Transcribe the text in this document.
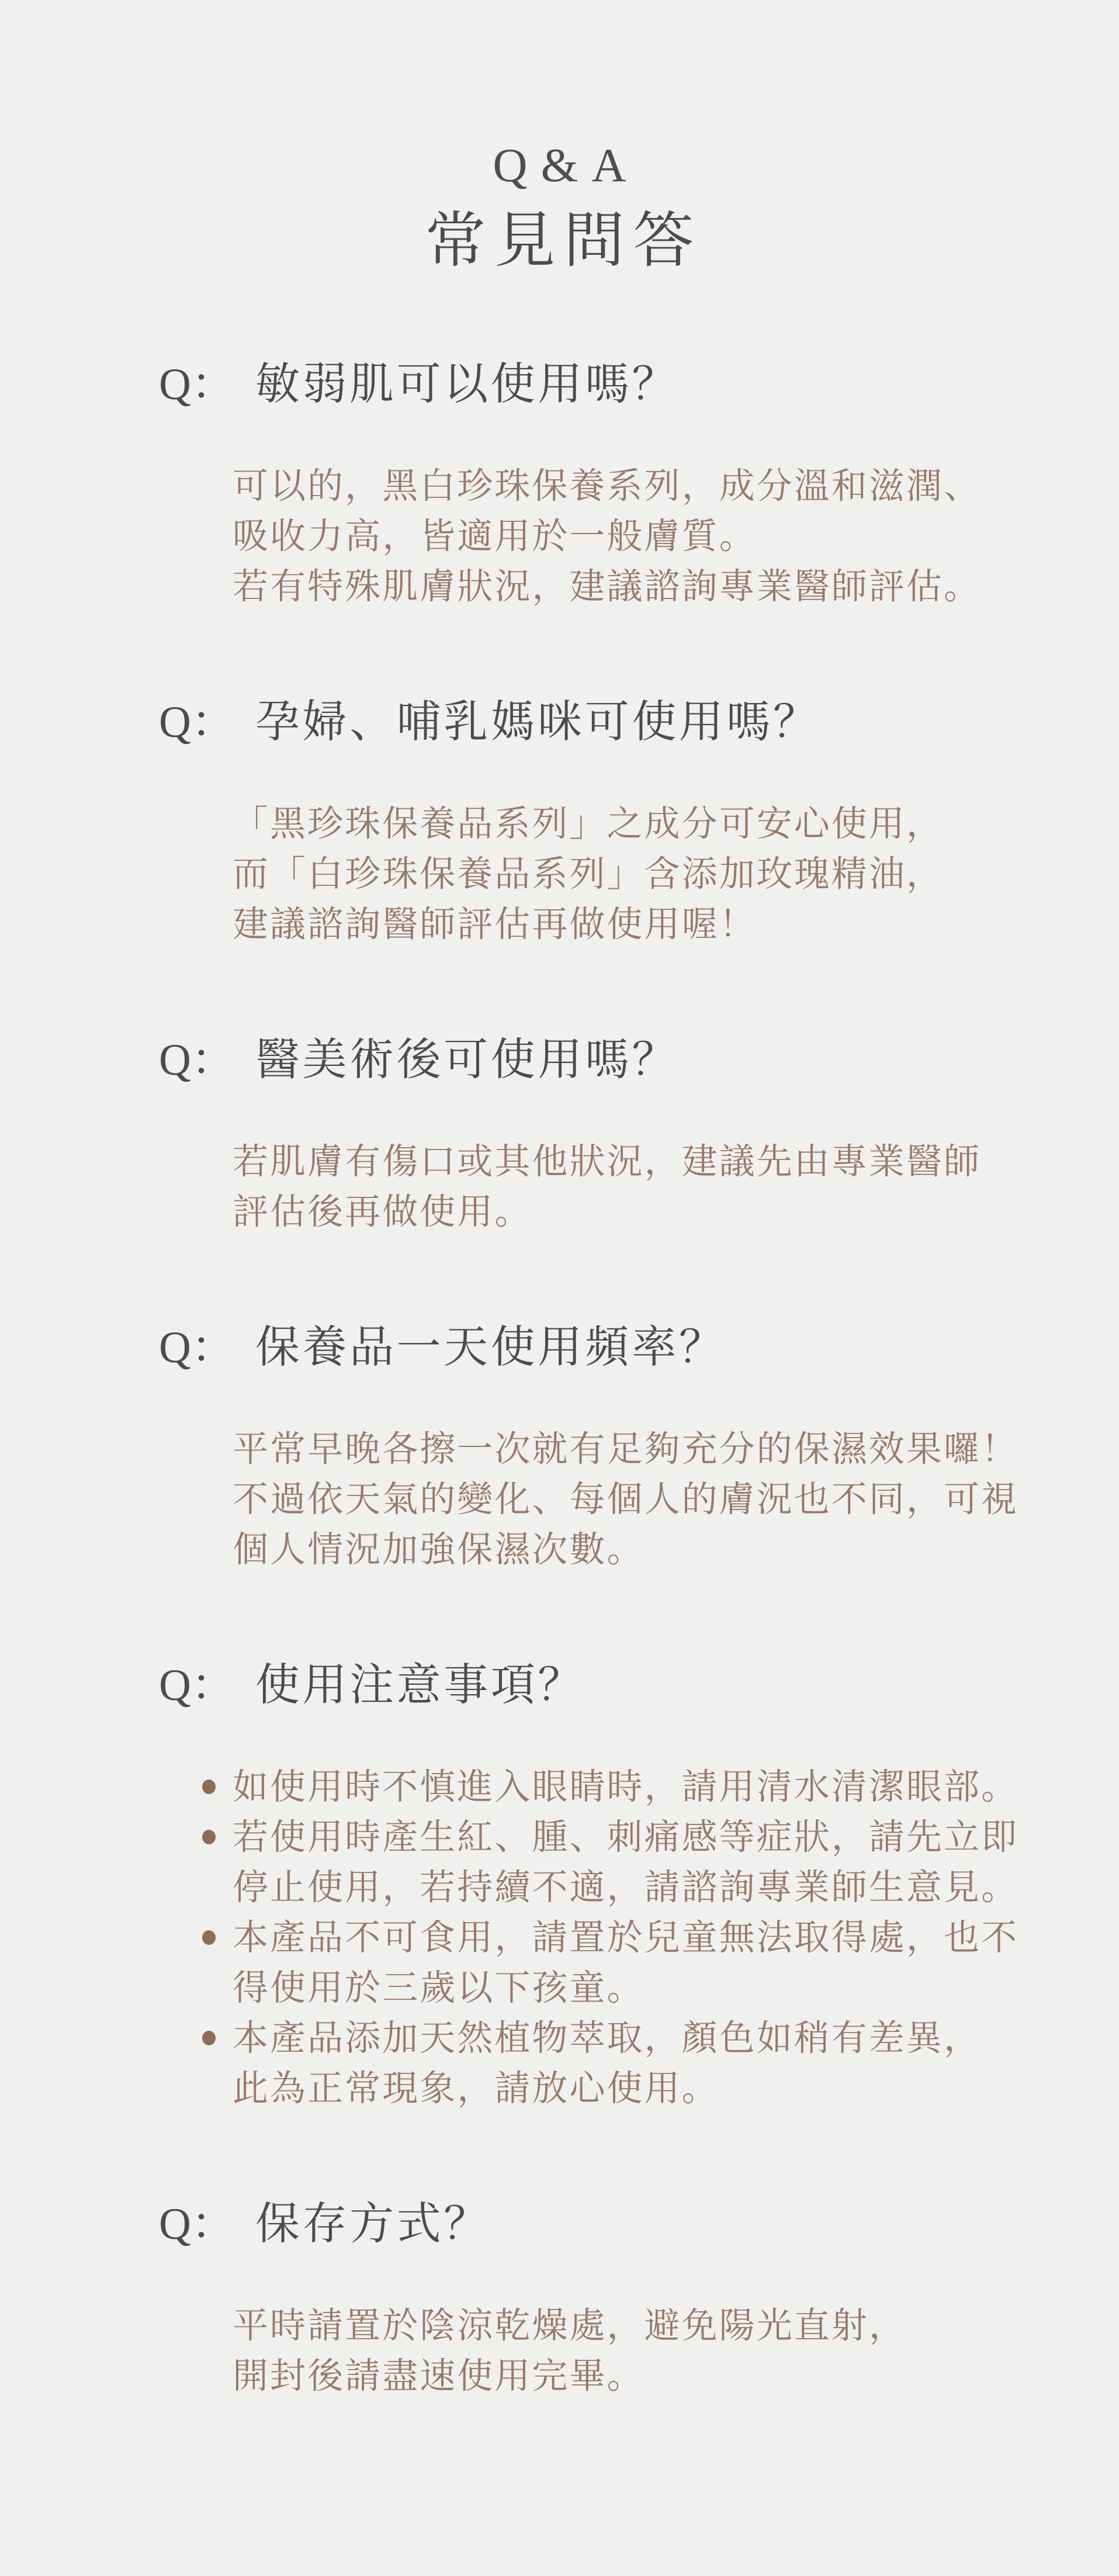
Q&A
常見問答
Q： 敏弱肌可以使用嗎？
可以的，黑白珍珠保養系列，成分溫和滋潤、
吸收力高，皆適用於一般膚質。
若有特殊肌膚狀況，建議諮詢專業醫師評估。
Q： 孕婦、哺乳媽咪可使用嗎？
「黑珍珠保養品系列」之成分可安心使用，
而「白珍珠保養品系列」含添加玫瑰精油，
建議諮詢醫師評估再做使用喔！
Q： 醫美術後可使用嗎？
若肌膚有傷口或其他狀況，建議先由專業醫師
評估後再做使用。
Q： 保養品一天使用頻率？
平常早晚各擦一次就有足夠充分的保濕效果囉！
不過依天氣的變化、每個人的膚況也不同，可視
個人情況加強保濕次數。
Q： 使用注意事項？
如使用時不慎進入眼睛時，請用清水清潔眼部。
若使用時產生紅、腫、刺痛感等症狀，請先立即
停止使用，若持續不適，請諮詢專業師生意見。
本產品不可食用，請置於兒童無法取得處，也不
得使用於三歲以下孩童。
本產品添加天然植物萃取，顏色如稍有差異，
此為正常現象，請放心使用。
Q： 保存方式？
平時請置於陰涼乾燥處，避免陽光直射，
開封後請盡速使用完畢。
